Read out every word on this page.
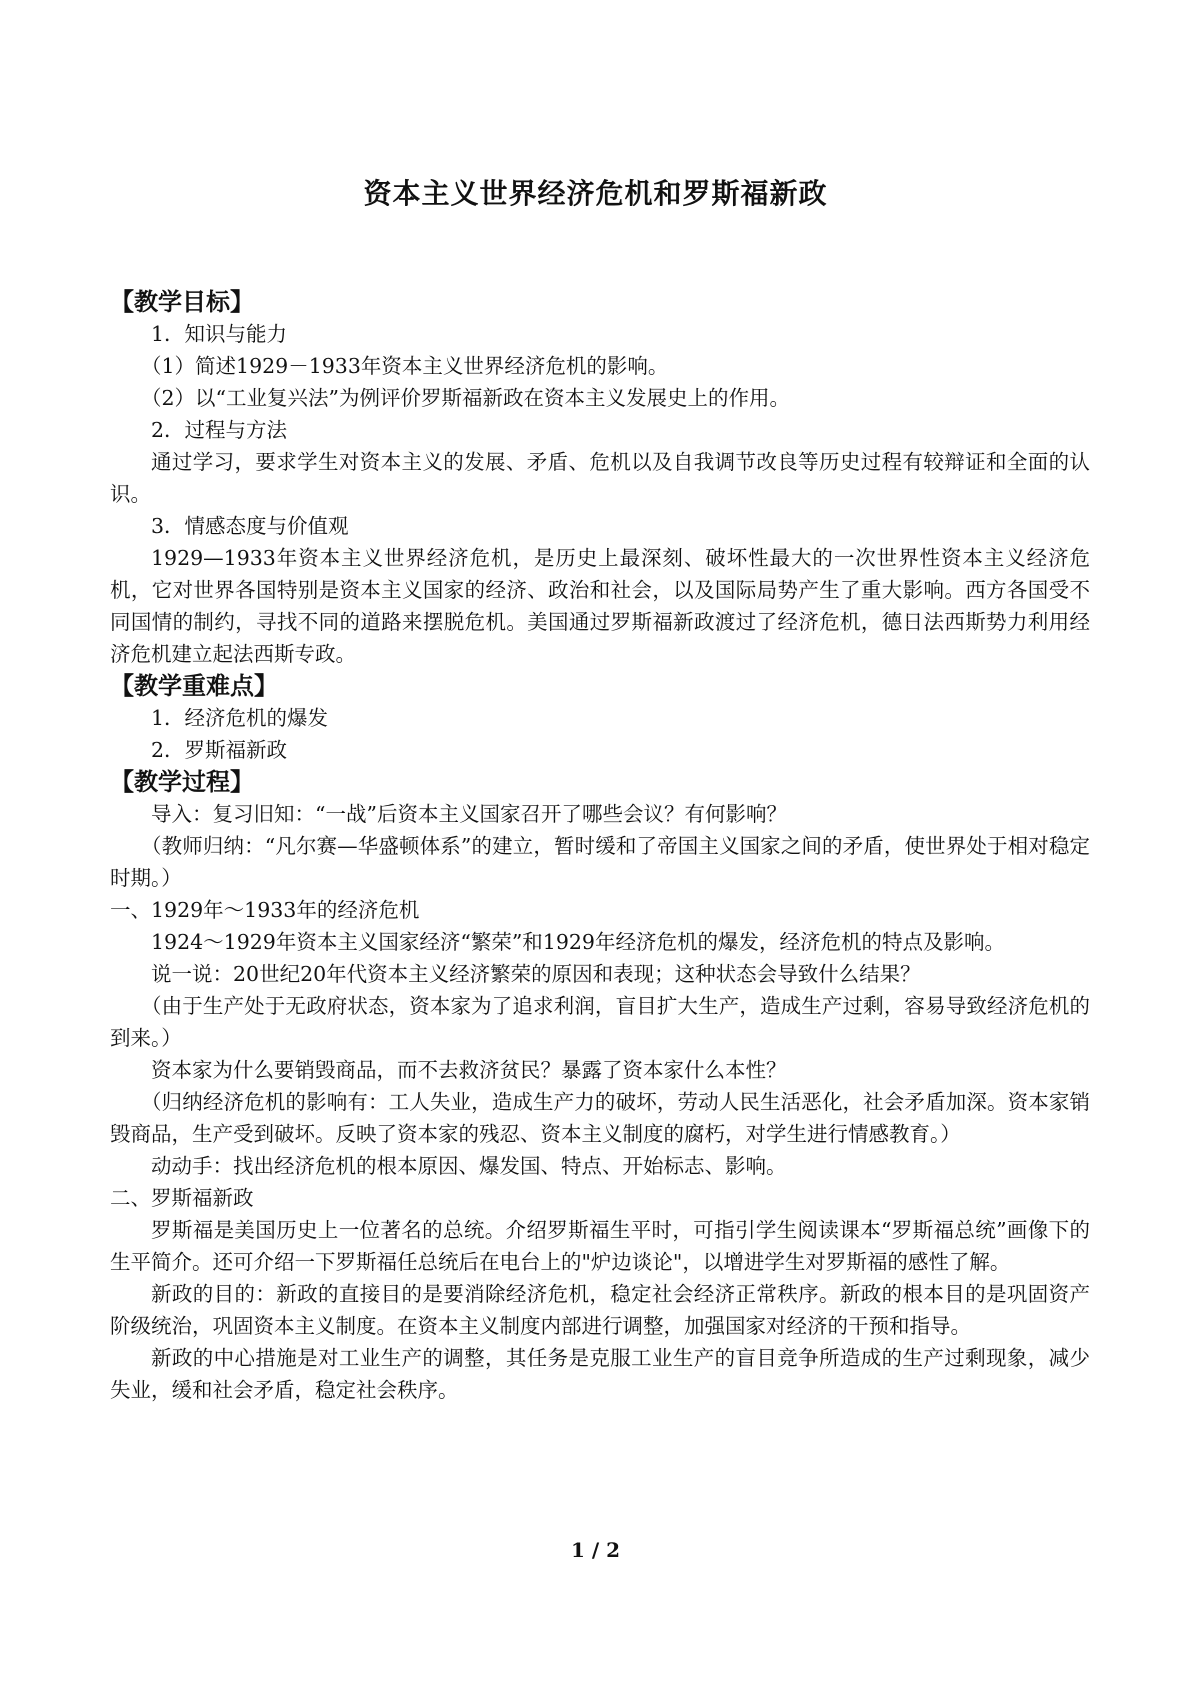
资本主义世界经济危机和罗斯福新政
【教学目标】

1．知识与能力

（1）简述1929－1933年资本主义世界经济危机的影响。

（2）以“工业复兴法”为例评价罗斯福新政在资本主义发展史上的作用。

2．过程与方法

通过学习，要求学生对资本主义的发展、矛盾、危机以及自我调节改良等历史过程有较辩证和全面的认识。

3．情感态度与价值观

1929—1933年资本主义世界经济危机，是历史上最深刻、破坏性最大的一次世界性资本主义经济危机，它对世界各国特别是资本主义国家的经济、政治和社会，以及国际局势产生了重大影响。西方各国受不同国情的制约，寻找不同的道路来摆脱危机。美国通过罗斯福新政渡过了经济危机，德日法西斯势力利用经济危机建立起法西斯专政。

【教学重难点】

1．经济危机的爆发

2．罗斯福新政

【教学过程】

导入：复习旧知：“一战”后资本主义国家召开了哪些会议？有何影响？

（教师归纳：“凡尔赛—华盛顿体系”的建立，暂时缓和了帝国主义国家之间的矛盾，使世界处于相对稳定时期。）

一、1929年～1933年的经济危机

1924～1929年资本主义国家经济“繁荣”和1929年经济危机的爆发，经济危机的特点及影响。

说一说：20世纪20年代资本主义经济繁荣的原因和表现；这种状态会导致什么结果？

（由于生产处于无政府状态，资本家为了追求利润，盲目扩大生产，造成生产过剩，容易导致经济危机的到来。）

资本家为什么要销毁商品，而不去救济贫民？暴露了资本家什么本性？

（归纳经济危机的影响有：工人失业，造成生产力的破坏，劳动人民生活恶化，社会矛盾加深。资本家销毁商品，生产受到破坏。反映了资本家的残忍、资本主义制度的腐朽，对学生进行情感教育。）

动动手：找出经济危机的根本原因、爆发国、特点、开始标志、影响。

二、罗斯福新政

罗斯福是美国历史上一位著名的总统。介绍罗斯福生平时，可指引学生阅读课本“罗斯福总统”画像下的生平简介。还可介绍一下罗斯福任总统后在电台上的"炉边谈论"，以增进学生对罗斯福的感性了解。

新政的目的：新政的直接目的是要消除经济危机，稳定社会经济正常秩序。新政的根本目的是巩固资产阶级统治，巩固资本主义制度。在资本主义制度内部进行调整，加强国家对经济的干预和指导。

新政的中心措施是对工业生产的调整，其任务是克服工业生产的盲目竞争所造成的生产过剩现象，减少失业，缓和社会矛盾，稳定社会秩序。

1 / 2
